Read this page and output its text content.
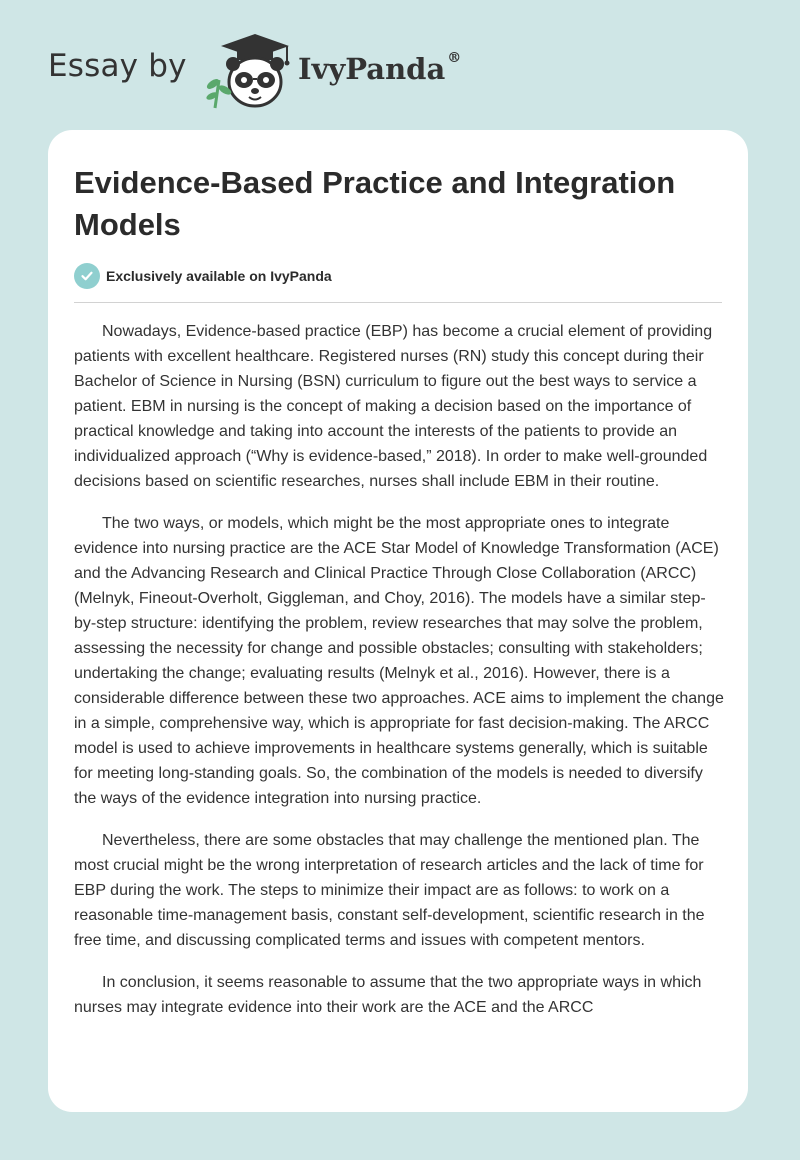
Essay by	IvyPanda ®
Evidence-Based Practice and Integration Models
Exclusively available on IvyPanda

Nowadays, Evidence-based practice (EBP) has become a crucial element of providing patients with excellent healthcare. Registered nurses (RN) study this concept during their Bachelor of Science in Nursing (BSN) curriculum to figure out the best ways to service a patient. EBM in nursing is the concept of making a decision based on the importance of practical knowledge and taking into account the interests of the patients to provide an individualized approach (“Why is evidence-based,” 2018). In order to make well-grounded decisions based on scientific researches, nurses shall include EBM in their routine.

The two ways, or models, which might be the most appropriate ones to integrate evidence into nursing practice are the ACE Star Model of Knowledge Transformation (ACE) and the Advancing Research and Clinical Practice Through Close Collaboration (ARCC) (Melnyk, Fineout-Overholt, Giggleman, and Choy, 2016). The models have a similar step-by-step structure: identifying the problem, review researches that may solve the problem, assessing the necessity for change and possible obstacles; consulting with stakeholders; undertaking the change; evaluating results (Melnyk et al., 2016). However, there is a considerable difference between these two approaches. ACE aims to implement the change in a simple, comprehensive way, which is appropriate for fast decision-making. The ARCC model is used to achieve improvements in healthcare systems generally, which is suitable for meeting long-standing goals. So, the combination of the models is needed to diversify the ways of the evidence integration into nursing practice.

Nevertheless, there are some obstacles that may challenge the mentioned plan. The most crucial might be the wrong interpretation of research articles and the lack of time for EBP during the work. The steps to minimize their impact are as follows: to work on a reasonable time-management basis, constant self-development, scientific research in the free time, and discussing complicated terms and issues with competent mentors.

In conclusion, it seems reasonable to assume that the two appropriate ways in which nurses may integrate evidence into their work are the ACE and the ARCC
